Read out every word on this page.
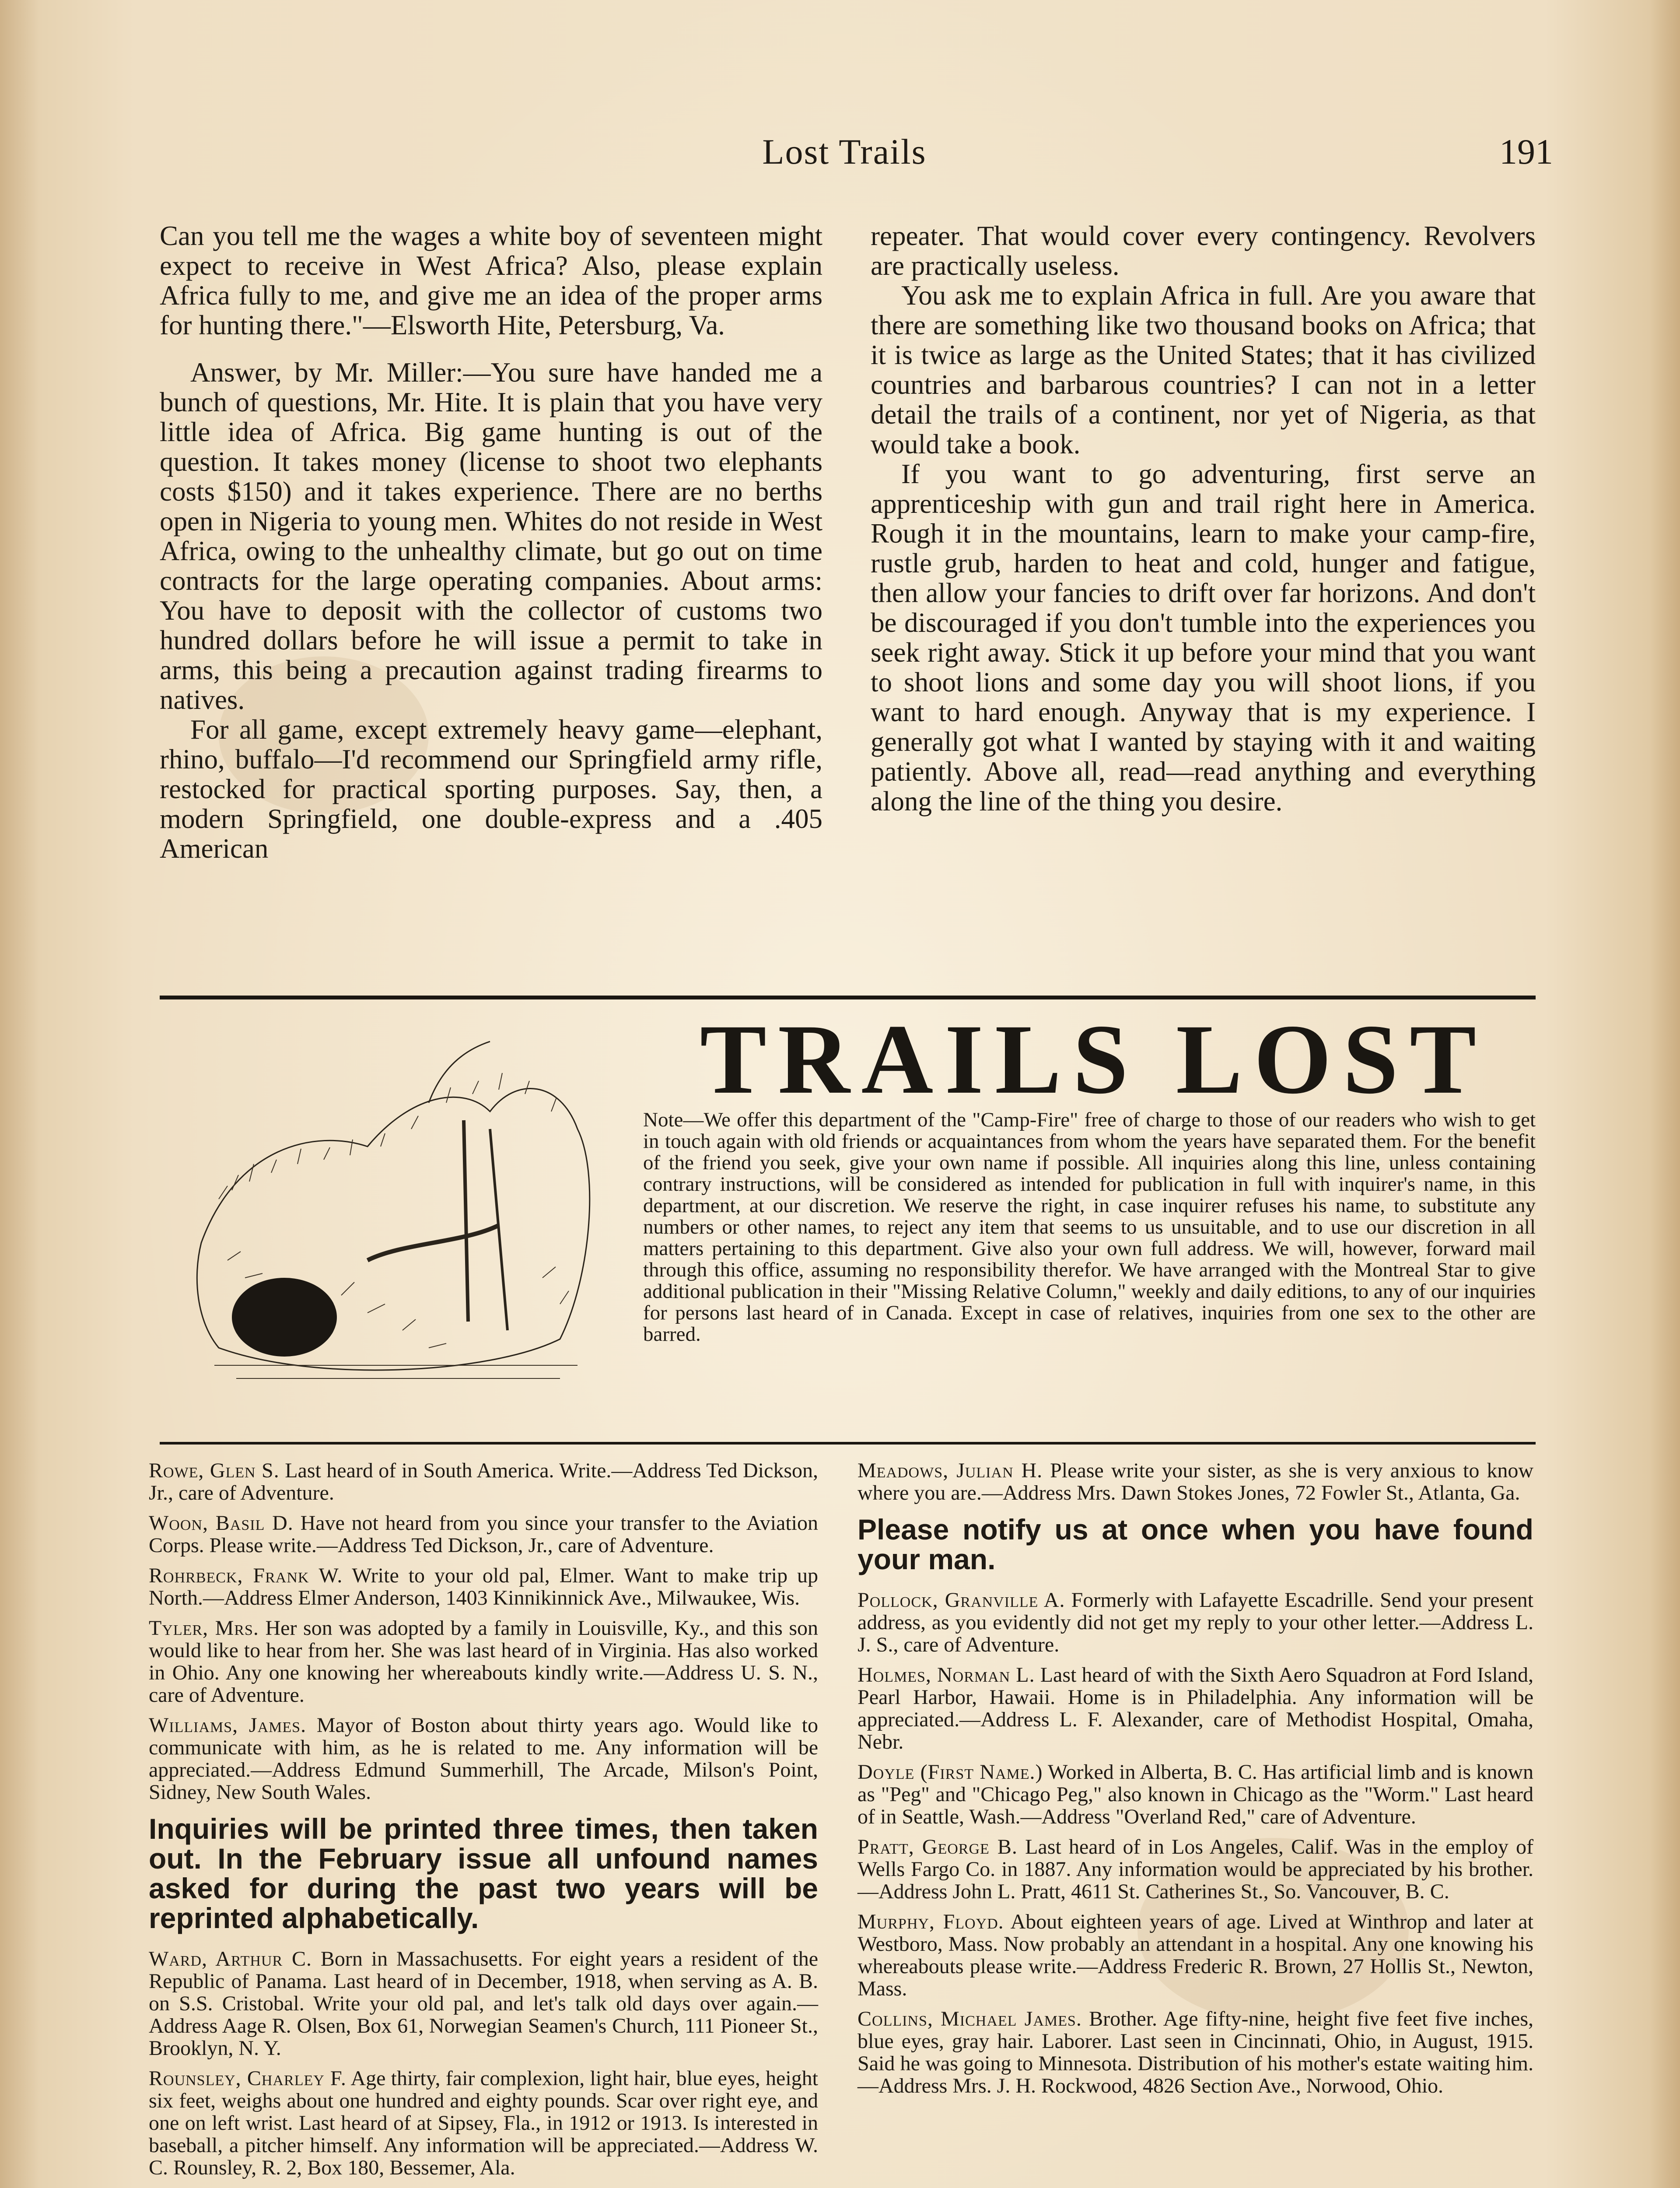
Lost Trails	191

Can you tell me the wages a white boy of seventeen might expect to receive in West Africa? Also, please explain Africa fully to me, and give me an idea of the proper arms for hunting there."—Elsworth Hite, Petersburg, Va.

Answer, by Mr. Miller:—You sure have handed me a bunch of questions, Mr. Hite. It is plain that you have very little idea of Africa. Big game hunting is out of the question. It takes money (license to shoot two elephants costs $150) and it takes experience. There are no berths open in Nigeria to young men. Whites do not reside in West Africa, owing to the unhealthy climate, but go out on time contracts for the large operating companies. About arms: You have to deposit with the collector of customs two hundred dollars before he will issue a permit to take in arms, this being a precaution against trading firearms to natives.

For all game, except extremely heavy game—elephant, rhino, buffalo—I'd recommend our Springfield army rifle, restocked for practical sporting purposes. Say, then, a modern Springfield, one double-express and a .405 American

repeater. That would cover every contingency. Revolvers are practically useless.

You ask me to explain Africa in full. Are you aware that there are something like two thousand books on Africa; that it is twice as large as the United States; that it has civilized countries and barbarous countries? I can not in a letter detail the trails of a continent, nor yet of Nigeria, as that would take a book.

If you want to go adventuring, first serve an apprenticeship with gun and trail right here in America. Rough it in the mountains, learn to make your camp-fire, rustle grub, harden to heat and cold, hunger and fatigue, then allow your fancies to drift over far horizons. And don't be discouraged if you don't tumble into the experiences you seek right away. Stick it up before your mind that you want to shoot lions and some day you will shoot lions, if you want to hard enough. Anyway that is my experience. I generally got what I wanted by staying with it and waiting patiently. Above all, read—read anything and everything along the line of the thing you desire.

TRAILS LOST
Note—We offer this department of the "Camp-Fire" free of charge to those of our readers who wish to get in touch again with old friends or acquaintances from whom the years have separated them. For the benefit of the friend you seek, give your own name if possible. All inquiries along this line, unless containing contrary instructions, will be considered as intended for publication in full with inquirer's name, in this department, at our discretion. We reserve the right, in case inquirer refuses his name, to substitute any numbers or other names, to reject any item that seems to us unsuitable, and to use our discretion in all matters pertaining to this department. Give also your own full address. We will, however, forward mail through this office, assuming no responsibility therefor. We have arranged with the Montreal Star to give additional publication in their "Missing Relative Column," weekly and daily editions, to any of our inquiries for persons last heard of in Canada. Except in case of relatives, inquiries from one sex to the other are barred.
Rowe, Glen S. Last heard of in South America. Write.—Address Ted Dickson, Jr., care of Adventure.
Woon, Basil D. Have not heard from you since your transfer to the Aviation Corps. Please write.—Address Ted Dickson, Jr., care of Adventure.
Rohrbeck, Frank W. Write to your old pal, Elmer. Want to make trip up North.—Address Elmer Anderson, 1403 Kinnikinnick Ave., Milwaukee, Wis.
Tyler, Mrs. Her son was adopted by a family in Louisville, Ky., and this son would like to hear from her. She was last heard of in Virginia. Has also worked in Ohio. Any one knowing her whereabouts kindly write.—Address U. S. N., care of Adventure.
Williams, James. Mayor of Boston about thirty years ago. Would like to communicate with him, as he is related to me. Any information will be appreciated.—Address Edmund Summerhill, The Arcade, Milson's Point, Sidney, New South Wales.
Inquiries will be printed three times, then taken out. In the February issue all unfound names asked for during the past two years will be reprinted alphabetically.
Ward, Arthur C. Born in Massachusetts. For eight years a resident of the Republic of Panama. Last heard of in December, 1918, when serving as A. B. on S.S. Cristobal. Write your old pal, and let's talk old days over again.—Address Aage R. Olsen, Box 61, Norwegian Seamen's Church, 111 Pioneer St., Brooklyn, N. Y.
Rounsley, Charley F. Age thirty, fair complexion, light hair, blue eyes, height six feet, weighs about one hundred and eighty pounds. Scar over right eye, and one on left wrist. Last heard of at Sipsey, Fla., in 1912 or 1913. Is interested in baseball, a pitcher himself. Any information will be appreciated.—Address W. C. Rounsley, R. 2, Box 180, Bessemer, Ala.
Meadows, Julian H. Please write your sister, as she is very anxious to know where you are.—Address Mrs. Dawn Stokes Jones, 72 Fowler St., Atlanta, Ga.
Please notify us at once when you have found your man.
Pollock, Granville A. Formerly with Lafayette Escadrille. Send your present address, as you evidently did not get my reply to your other letter.—Address L. J. S., care of Adventure.
Holmes, Norman L. Last heard of with the Sixth Aero Squadron at Ford Island, Pearl Harbor, Hawaii. Home is in Philadelphia. Any information will be appreciated.—Address L. F. Alexander, care of Methodist Hospital, Omaha, Nebr.
Doyle (First Name.) Worked in Alberta, B. C. Has artificial limb and is known as "Peg" and "Chicago Peg," also known in Chicago as the "Worm." Last heard of in Seattle, Wash.—Address "Overland Red," care of Adventure.
Pratt, George B. Last heard of in Los Angeles, Calif. Was in the employ of Wells Fargo Co. in 1887. Any information would be appreciated by his brother.—Address John L. Pratt, 4611 St. Catherines St., So. Vancouver, B. C.
Murphy, Floyd. About eighteen years of age. Lived at Winthrop and later at Westboro, Mass. Now probably an attendant in a hospital. Any one knowing his whereabouts please write.—Address Frederic R. Brown, 27 Hollis St., Newton, Mass.
Collins, Michael James. Brother. Age fifty-nine, height five feet five inches, blue eyes, gray hair. Laborer. Last seen in Cincinnati, Ohio, in August, 1915. Said he was going to Minnesota. Distribution of his mother's estate waiting him.—Address Mrs. J. H. Rockwood, 4826 Section Ave., Norwood, Ohio.
